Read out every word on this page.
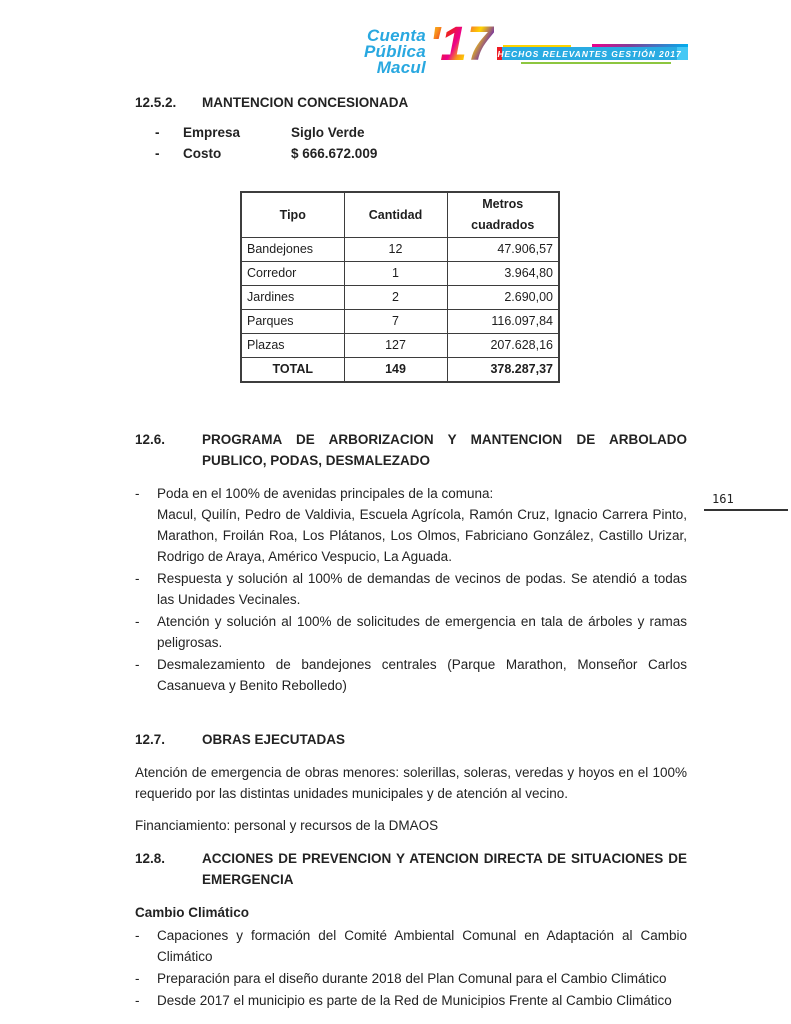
Cuenta
Pública
Macul '17 HECHOS RELEVANTES GESTIÓN 2017
161
12.5.2.	MANTENCION CONCESIONADA
-	Empresa	Siglo Verde
-	Costo	$ 666.672.009
Tipo	Cantidad	Metros cuadrados
Bandejones	12	47.906,57
Corredor	1	3.964,80
Jardines	2	2.690,00
Parques	7	116.097,84
Plazas	127	207.628,16
TOTAL	149	378.287,37
12.6.	PROGRAMA DE ARBORIZACION Y MANTENCION DE ARBOLADO PUBLICO, PODAS, DESMALEZADO
-	Poda en el 100% de avenidas principales de la comuna:
Macul, Quilín, Pedro de Valdivia, Escuela Agrícola, Ramón Cruz, Ignacio Carrera Pinto, Marathon, Froilán Roa, Los Plátanos, Los Olmos, Fabriciano González, Castillo Urizar, Rodrigo de Araya, Américo Vespucio, La Aguada.
-	Respuesta y solución al 100% de demandas de vecinos de podas. Se atendió a todas las Unidades Vecinales.
-	Atención y solución al 100% de solicitudes de emergencia en tala de árboles y ramas peligrosas.
-	Desmalezamiento de bandejones centrales (Parque Marathon, Monseñor Carlos Casanueva y Benito Rebolledo)
12.7.	OBRAS EJECUTADAS
Atención de emergencia de obras menores: solerillas, soleras, veredas y hoyos en el 100% requerido por las distintas unidades municipales y de atención al vecino.
Financiamiento: personal y recursos de la DMAOS
12.8.	ACCIONES DE PREVENCION Y ATENCION DIRECTA DE SITUACIONES DE EMERGENCIA
Cambio Climático
-	Capaciones y formación del Comité Ambiental Comunal en Adaptación al Cambio Climático
-	Preparación para el diseño durante 2018 del Plan Comunal para el Cambio Climático
-	Desde 2017 el municipio es parte de la Red de Municipios Frente al Cambio Climático
